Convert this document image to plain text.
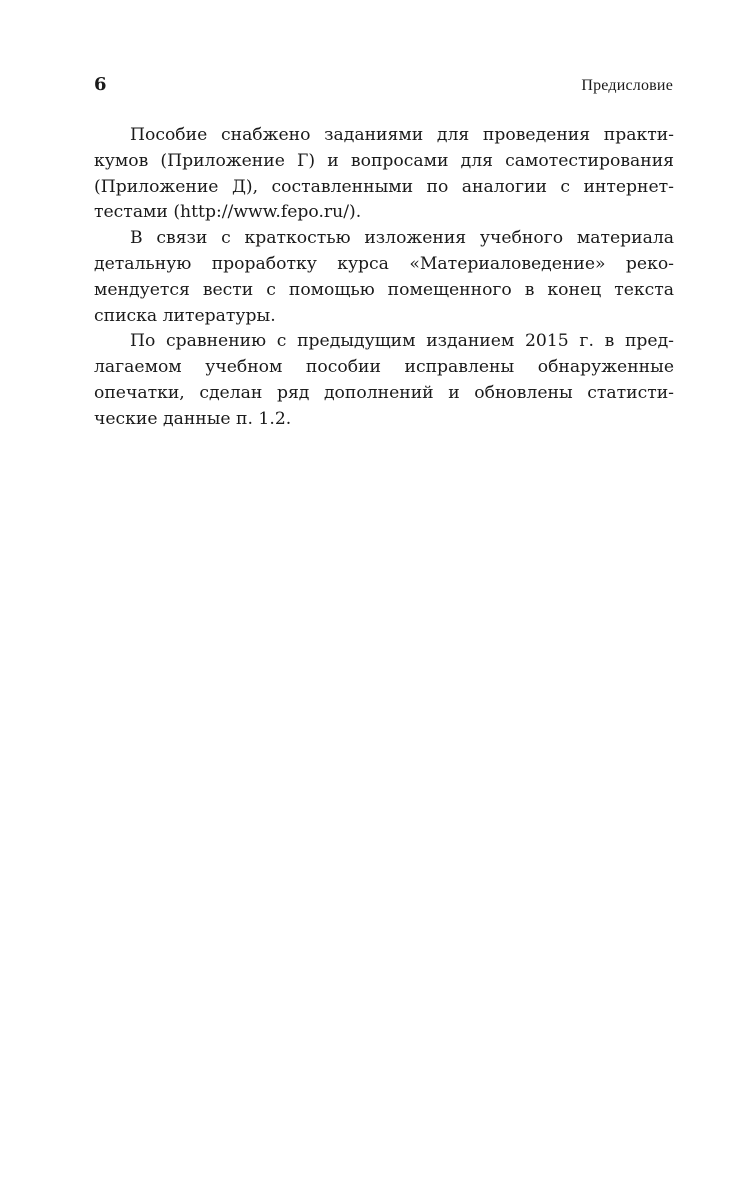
6	Предисловие
Пособие снабжено заданиями для проведения практи-
кумов (Приложение Г) и вопросами для самотестирования
(Приложение Д), составленными по аналогии с интернет-
тестами (http://www.fepo.ru/).
В связи с краткостью изложения учебного материала
детальную проработку курса «Материаловедение» реко-
мендуется вести с помощью помещенного в конец текста
списка литературы.
По сравнению с предыдущим изданием 2015 г. в пред-
лагаемом учебном пособии исправлены обнаруженные
опечатки, сделан ряд дополнений и обновлены статисти-
ческие данные п. 1.2.
